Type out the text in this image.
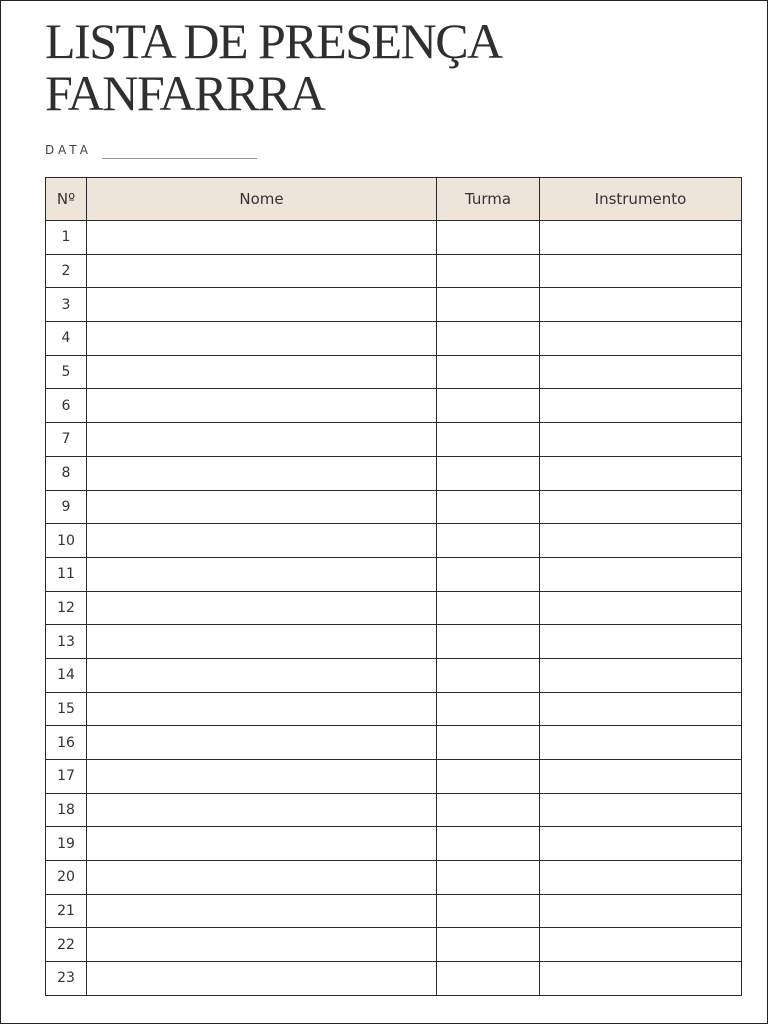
LISTA DE PRESENÇA
FANFARRRA
DATA
Nº	Nome	Turma	Instrumento
1			
2			
3			
4			
5			
6			
7			
8			
9			
10			
11			
12			
13			
14			
15			
16			
17			
18			
19			
20			
21			
22			
23			
